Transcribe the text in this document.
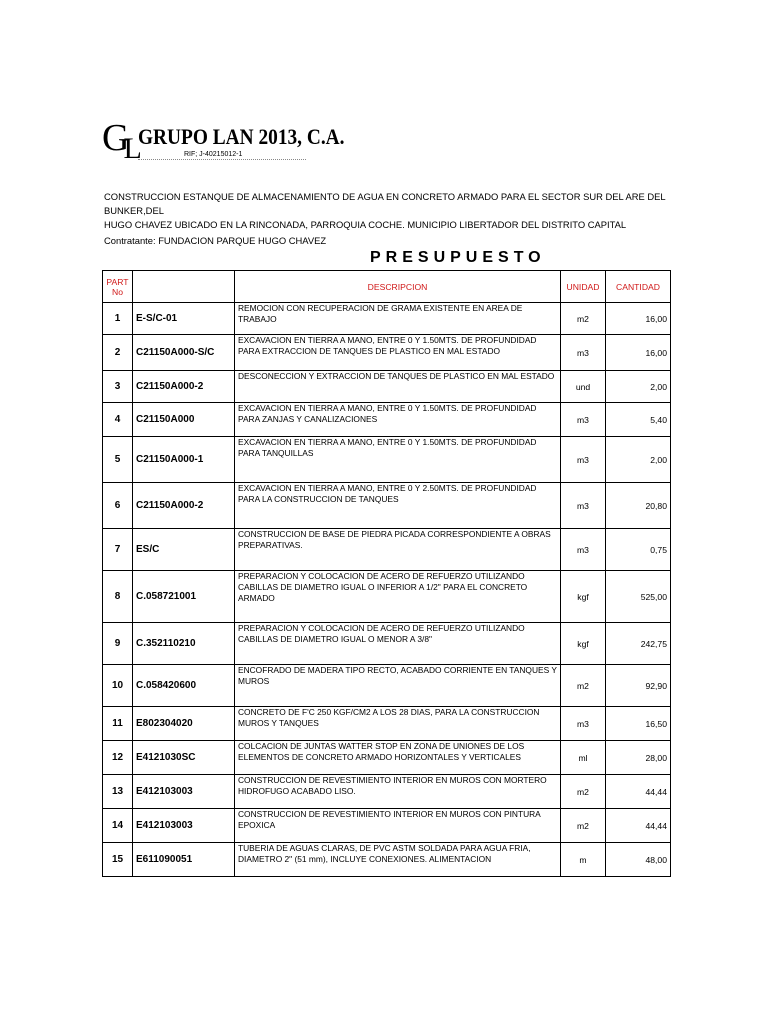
$G_L$ GRUPO LAN 2013, C.A.
RIF; J-40215012-1
CONSTRUCCION ESTANQUE DE ALMACENAMIENTO DE AGUA EN CONCRETO ARMADO PARA EL SECTOR SUR DEL ARE DEL BUNKER,DEL
HUGO CHAVEZ UBICADO EN LA RINCONADA, PARROQUIA COCHE. MUNICIPIO LIBERTADOR DEL DISTRITO CAPITAL
Contratante: FUNDACION PARQUE HUGO CHAVEZ
PRESUPUESTO
PART No		DESCRIPCION	UNIDAD	CANTIDAD
1	E-S/C-01	REMOCION CON RECUPERACION DE GRAMA EXISTENTE EN AREA DE TRABAJO	m2	16,00
2	C21150A000-S/C	EXCAVACION EN TIERRA A MANO, ENTRE 0 Y 1.50MTS. DE PROFUNDIDAD PARA EXTRACCION DE TANQUES DE PLASTICO EN MAL ESTADO	m3	16,00
3	C21150A000-2	DESCONECCION Y EXTRACCION DE TANQUES DE PLASTICO EN MAL ESTADO	und	2,00
4	C21150A000	EXCAVACION EN TIERRA A MANO, ENTRE 0 Y 1.50MTS. DE PROFUNDIDAD PARA ZANJAS Y CANALIZACIONES	m3	5,40
5	C21150A000-1	EXCAVACION EN TIERRA A MANO, ENTRE 0 Y 1.50MTS. DE PROFUNDIDAD PARA TANQUILLAS	m3	2,00
6	C21150A000-2	EXCAVACION EN TIERRA A MANO, ENTRE 0 Y 2.50MTS. DE PROFUNDIDAD PARA LA CONSTRUCCION DE TANQUES	m3	20,80
7	ES/C	CONSTRUCCION DE BASE DE PIEDRA PICADA CORRESPONDIENTE A OBRAS PREPARATIVAS.	m3	0,75
8	C.058721001	PREPARACION Y COLOCACION DE ACERO DE REFUERZO UTILIZANDO CABILLAS DE DIAMETRO IGUAL O INFERIOR A 1/2" PARA EL CONCRETO ARMADO	kgf	525,00
9	C.352110210	PREPARACION Y COLOCACION DE ACERO DE REFUERZO UTILIZANDO CABILLAS DE DIAMETRO IGUAL O MENOR A 3/8"	kgf	242,75
10	C.058420600	ENCOFRADO DE MADERA TIPO RECTO, ACABADO CORRIENTE EN TANQUES Y MUROS	m2	92,90
11	E802304020	CONCRETO DE F'C 250 KGF/CM2 A LOS 28 DIAS, PARA LA CONSTRUCCION MUROS Y TANQUES	m3	16,50
12	E4121030SC	COLCACION DE JUNTAS WATTER STOP EN ZONA DE UNIONES DE LOS ELEMENTOS DE CONCRETO ARMADO HORIZONTALES Y VERTICALES	ml	28,00
13	E412103003	CONSTRUCCION DE REVESTIMIENTO INTERIOR EN MUROS CON MORTERO HIDROFUGO ACABADO LISO.	m2	44,44
14	E412103003	CONSTRUCCION DE REVESTIMIENTO INTERIOR EN MUROS CON PINTURA EPOXICA	m2	44,44
15	E611090051	TUBERIA DE AGUAS CLARAS, DE PVC ASTM SOLDADA PARA AGUA FRIA, DIAMETRO 2" (51 mm), INCLUYE CONEXIONES. ALIMENTACION	m	48,00
